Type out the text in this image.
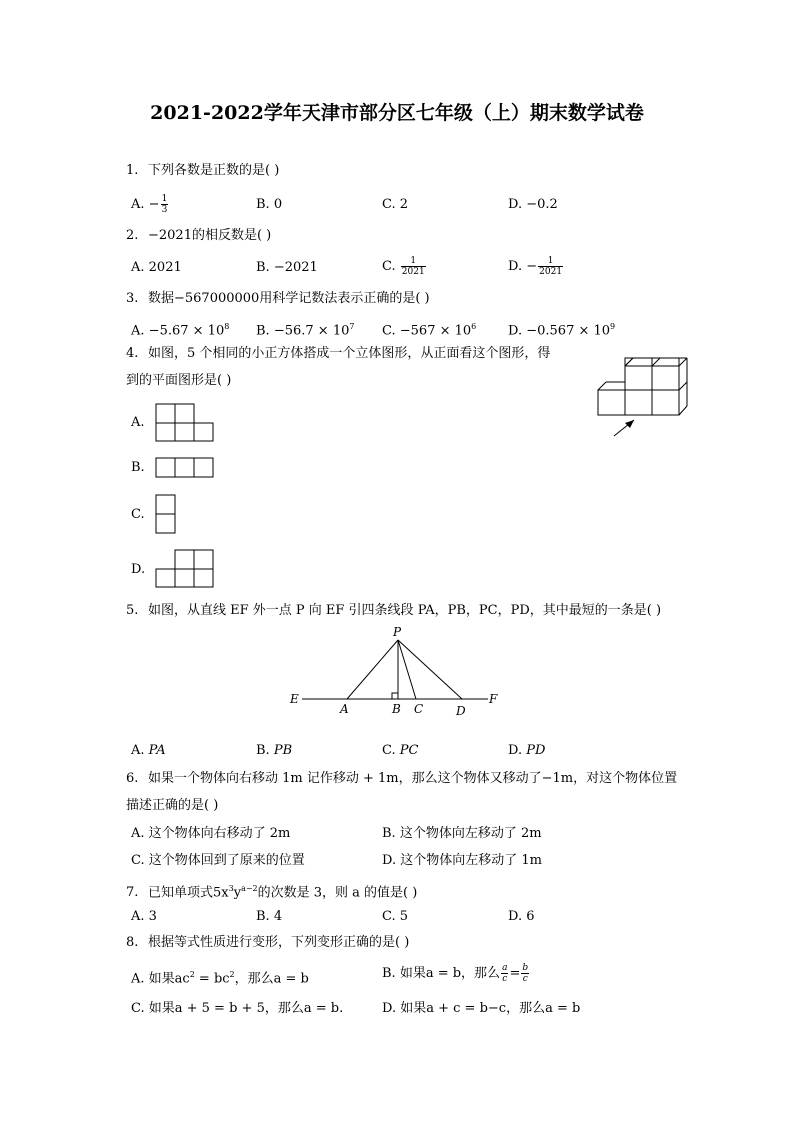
2021-2022学年天津市部分区七年级（上）期末数学试卷
1. 下列各数是正数的是( )
A. − $\frac{1}{3}$	B. 0	C. 2	D. −0.2
2. −2021的相反数是( )
A. 2021	B. −2021	C. $\frac{1}{2021}$	D. − $\frac{1}{2021}$
3. 数据−567000000用科学记数法表示正确的是( )
A. $-5.67 \times 10^8$ B. $-56.7 \times 10^7$ C. $-567 \times 10^6$ D. $-0.567 \times 10^9$
4. 如图，5 个相同的小正方体搭成一个立体图形，从正面看这个图形，得
到的平面图形是( )
A.
B.
C.
D.
5. 如图，从直线 EF 外一点 P 向 EF 引四条线段 PA，PB，PC，PD，其中最短的一条是( )
P
E
A	B C	D
F
A. PA	B. PB	C. PC	D. PD
6. 如果一个物体向右移动 1m 记作移动 + 1m，那么这个物体又移动了−1m，对这个物体位置
描述正确的是( )
A. 这个物体向右移动了 2m	B. 这个物体向左移动了 2m
C. 这个物体回到了原来的位置	D. 这个物体向左移动了 1m
7. 已知单项式$5x^3y^{a-2}$的次数是 3，则 a 的值是( )
A. 3	B. 4	C. 5	D. 6
8. 根据等式性质进行变形，下列变形正确的是( )
A. 如果$ac^2 = bc^2$，那么a = b	B. 如果a = b，那么 $\frac{a}{c} = \frac{b}{c}$
C. 如果a + 5 = b + 5，那么a = b.	D. 如果a + c = b−c，那么a = b
